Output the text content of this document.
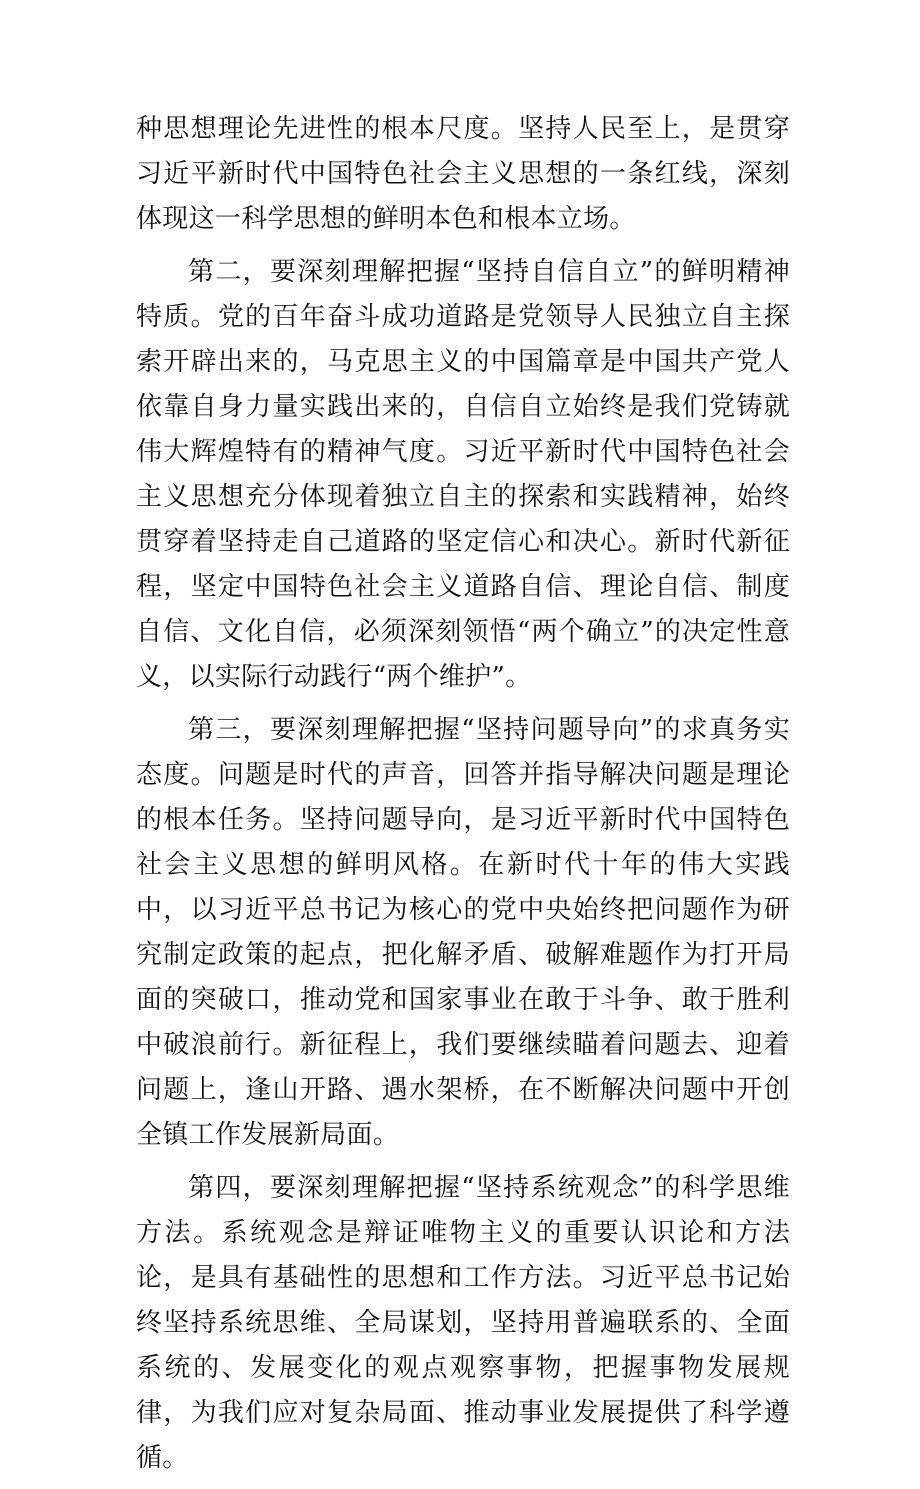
种思想理论先进性的根本尺度。坚持人民至上，是贯穿习近平新时代中国特色社会主义思想的一条红线，深刻体现这一科学思想的鲜明本色和根本立场。

第二，要深刻理解把握“坚持自信自立”的鲜明精神特质。党的百年奋斗成功道路是党领导人民独立自主探索开辟出来的，马克思主义的中国篇章是中国共产党人依靠自身力量实践出来的，自信自立始终是我们党铸就伟大辉煌特有的精神气度。习近平新时代中国特色社会主义思想充分体现着独立自主的探索和实践精神，始终贯穿着坚持走自己道路的坚定信心和决心。新时代新征程，坚定中国特色社会主义道路自信、理论自信、制度自信、文化自信，必须深刻领悟“两个确立”的决定性意义，以实际行动践行“两个维护”。

第三，要深刻理解把握“坚持问题导向”的求真务实态度。问题是时代的声音，回答并指导解决问题是理论的根本任务。坚持问题导向，是习近平新时代中国特色社会主义思想的鲜明风格。在新时代十年的伟大实践中，以习近平总书记为核心的党中央始终把问题作为研究制定政策的起点，把化解矛盾、破解难题作为打开局面的突破口，推动党和国家事业在敢于斗争、敢于胜利中破浪前行。新征程上，我们要继续瞄着问题去、迎着问题上，逢山开路、遇水架桥，在不断解决问题中开创全镇工作发展新局面。

第四，要深刻理解把握“坚持系统观念”的科学思维方法。系统观念是辩证唯物主义的重要认识论和方法论，是具有基础性的思想和工作方法。习近平总书记始终坚持系统思维、全局谋划，坚持用普遍联系的、全面系统的、发展变化的观点观察事物，把握事物发展规律，为我们应对复杂局面、推动事业发展提供了科学遵循。
